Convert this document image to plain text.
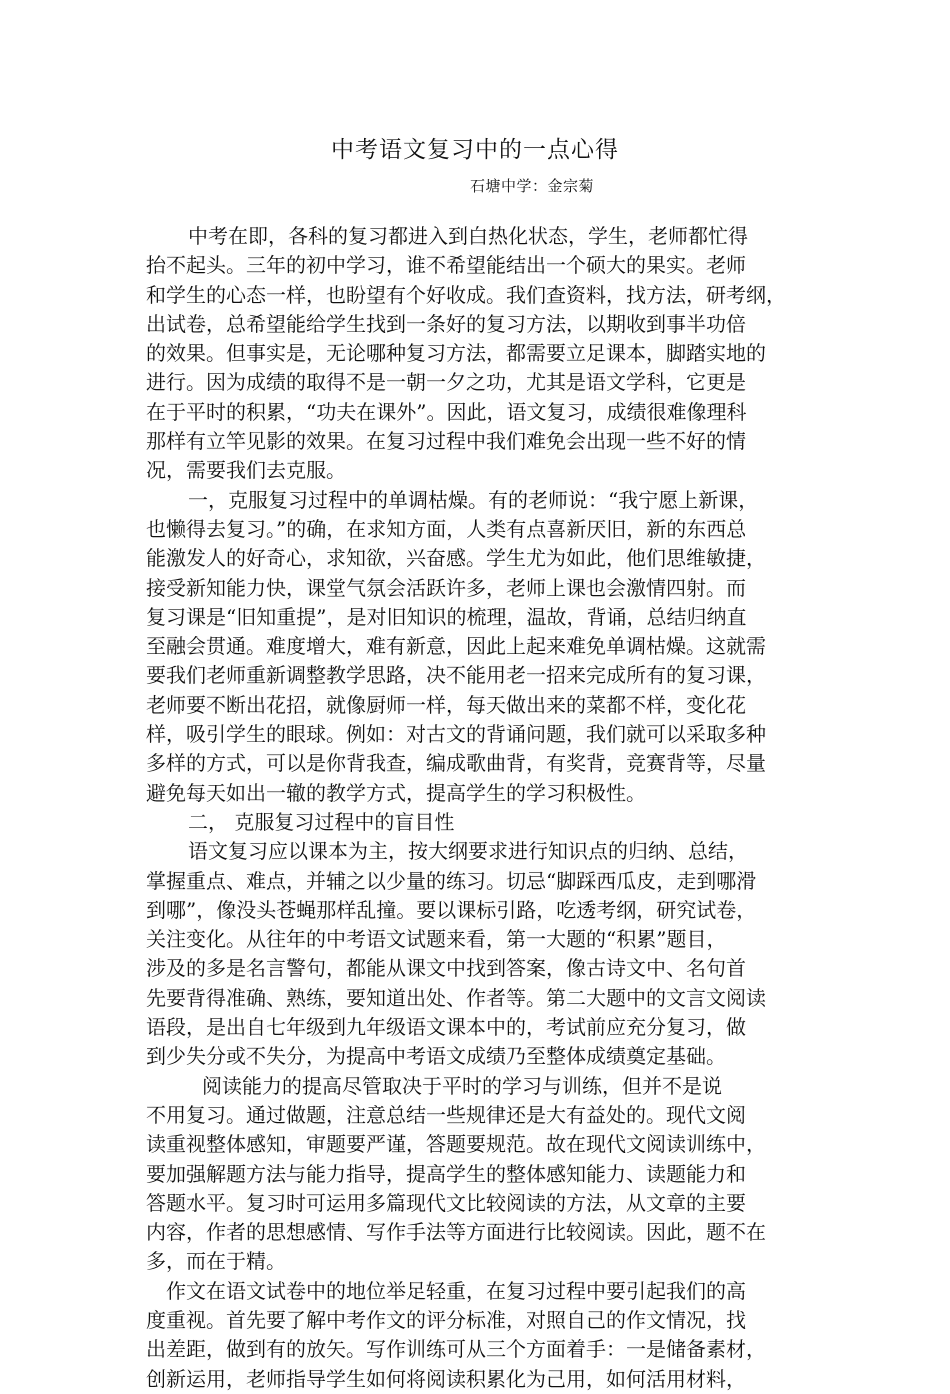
中考语文复习中的一点心得
石塘中学：金宗菊
中考在即，各科的复习都进入到白热化状态，学生，老师都忙得
抬不起头。三年的初中学习，谁不希望能结出一个硕大的果实。老师
和学生的心态一样，也盼望有个好收成。我们查资料，找方法，研考纲，
出试卷，总希望能给学生找到一条好的复习方法，以期收到事半功倍
的效果。但事实是，无论哪种复习方法，都需要立足课本，脚踏实地的
进行。因为成绩的取得不是一朝一夕之功，尤其是语文学科，它更是
在于平时的积累，“功夫在课外”。因此，语文复习，成绩很难像理科
那样有立竿见影的效果。在复习过程中我们难免会出现一些不好的情
况，需要我们去克服。
一，克服复习过程中的单调枯燥。有的老师说：“我宁愿上新课，
也懒得去复习。”的确，在求知方面，人类有点喜新厌旧，新的东西总
能激发人的好奇心，求知欲，兴奋感。学生尤为如此，他们思维敏捷，
接受新知能力快，课堂气氛会活跃许多，老师上课也会激情四射。而
复习课是“旧知重提”，是对旧知识的梳理，温故，背诵，总结归纳直
至融会贯通。难度增大，难有新意，因此上起来难免单调枯燥。这就需
要我们老师重新调整教学思路，决不能用老一招来完成所有的复习课，
老师要不断出花招，就像厨师一样，每天做出来的菜都不样，变化花
样，吸引学生的眼球。例如：对古文的背诵问题，我们就可以采取多种
多样的方式，可以是你背我查，编成歌曲背，有奖背，竞赛背等，尽量
避免每天如出一辙的教学方式，提高学生的学习积极性。
二， 克服复习过程中的盲目性
语文复习应以课本为主，按大纲要求进行知识点的归纳、总结，
掌握重点、难点，并辅之以少量的练习。切忌“脚踩西瓜皮，走到哪滑
到哪”，像没头苍蝇那样乱撞。要以课标引路，吃透考纲，研究试卷，
关注变化。从往年的中考语文试题来看，第一大题的“积累”题目，
涉及的多是名言警句，都能从课文中找到答案，像古诗文中、名句首
先要背得准确、熟练，要知道出处、作者等。第二大题中的文言文阅读
语段，是出自七年级到九年级语文课本中的，考试前应充分复习，做
到少失分或不失分，为提高中考语文成绩乃至整体成绩奠定基础。
阅读能力的提高尽管取决于平时的学习与训练，但并不是说
不用复习。通过做题，注意总结一些规律还是大有益处的。现代文阅
读重视整体感知，审题要严谨，答题要规范。故在现代文阅读训练中，
要加强解题方法与能力指导，提高学生的整体感知能力、读题能力和
答题水平。复习时可运用多篇现代文比较阅读的方法，从文章的主要
内容，作者的思想感情、写作手法等方面进行比较阅读。因此，题不在
多，而在于精。
作文在语文试卷中的地位举足轻重，在复习过程中要引起我们的高
度重视。首先要了解中考作文的评分标准，对照自己的作文情况，找
出差距，做到有的放矢。写作训练可从三个方面着手：一是储备素材，
创新运用，老师指导学生如何将阅读积累化为己用，如何活用材料，
